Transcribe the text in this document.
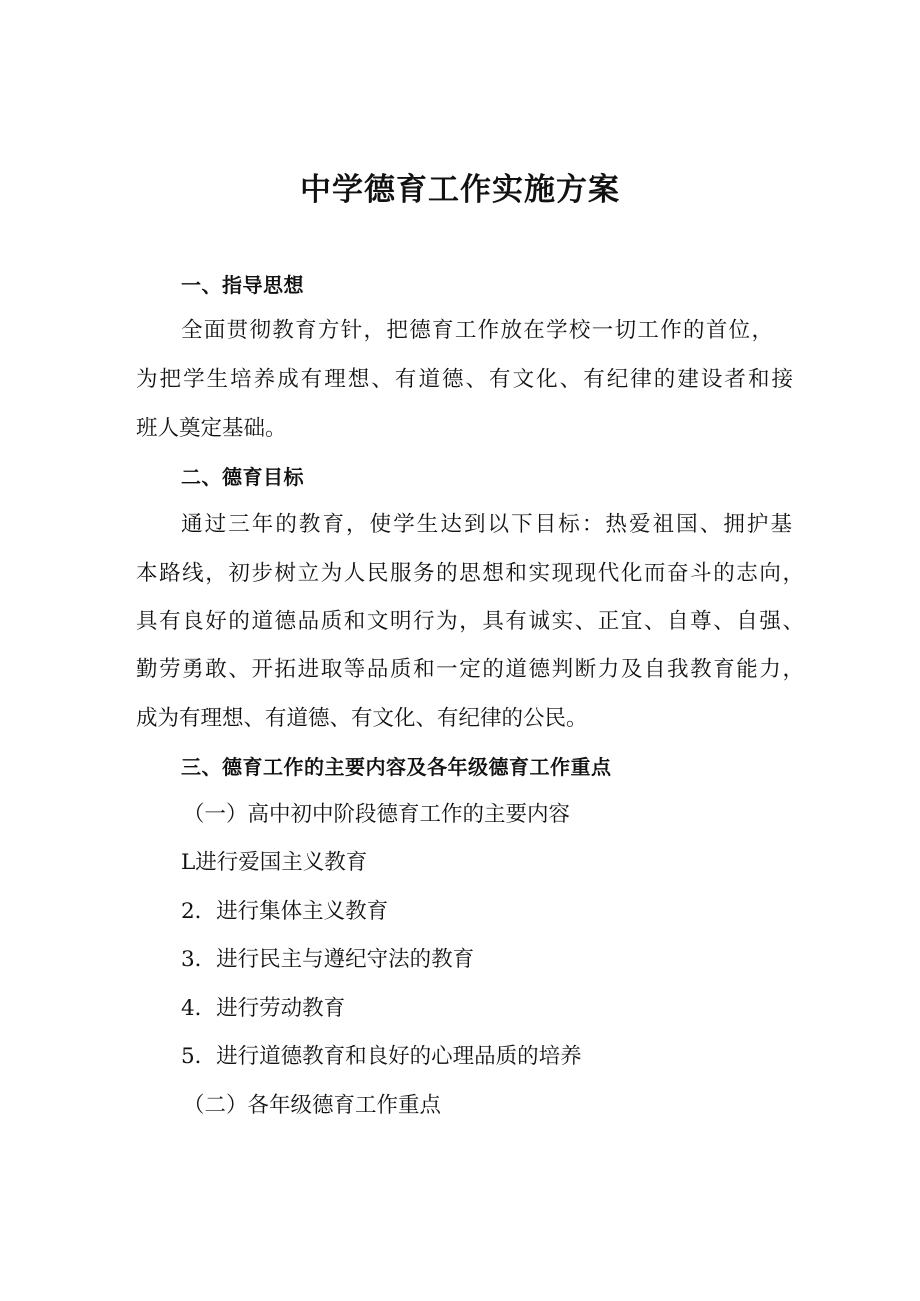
中学德育工作实施方案
一、指导思想
全面贯彻教育方针，把德育工作放在学校一切工作的首位，
为把学生培养成有理想、有道德、有文化、有纪律的建设者和接
班人奠定基础。
二、德育目标
通过三年的教育，使学生达到以下目标：热爱祖国、拥护基
本路线，初步树立为人民服务的思想和实现现代化而奋斗的志向，
具有良好的道德品质和文明行为，具有诚实、正宜、自尊、自强、
勤劳勇敢、开拓进取等品质和一定的道德判断力及自我教育能力，
成为有理想、有道德、有文化、有纪律的公民。
三、德育工作的主要内容及各年级德育工作重点
（一）高中初中阶段德育工作的主要内容
L进行爱国主义教育
2．进行集体主义教育
3．进行民主与遵纪守法的教育
4．进行劳动教育
5．进行道德教育和良好的心理品质的培养
（二）各年级德育工作重点
